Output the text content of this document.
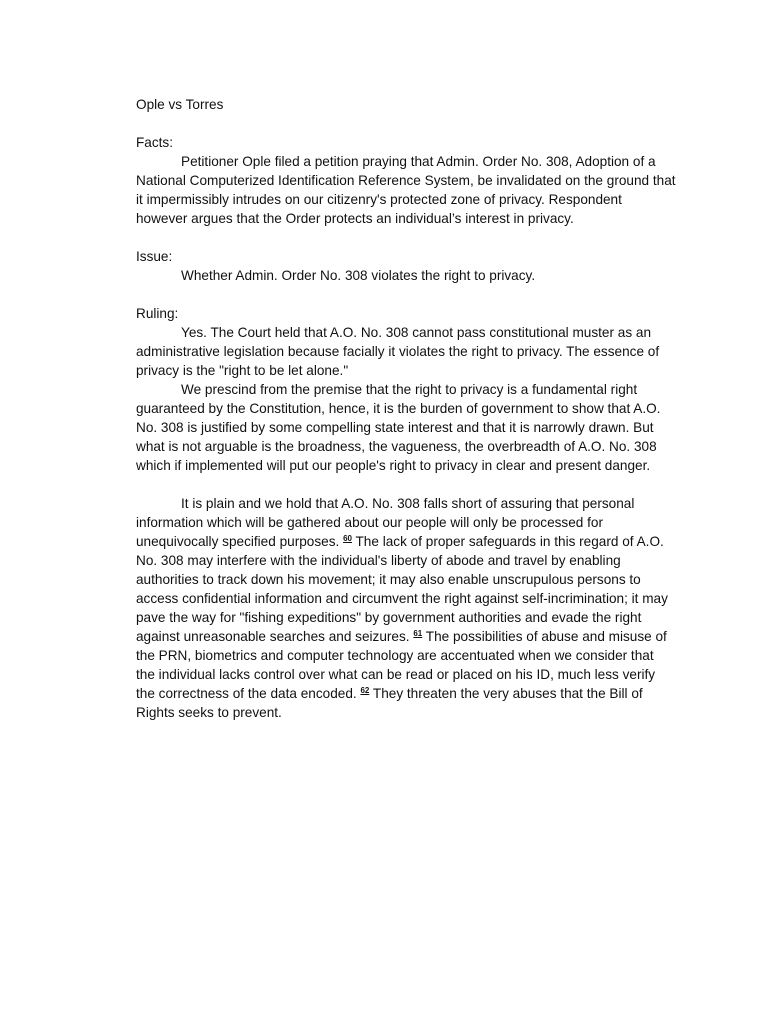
Ople vs Torres
Facts:

Petitioner Ople filed a petition praying that Admin. Order No. 308, Adoption of a National Computerized Identification Reference System, be invalidated on the ground that it impermissibly intrudes on our citizenry's protected zone of privacy. Respondent however argues that the Order protects an individual’s interest in privacy.

Issue:

Whether Admin. Order No. 308 violates the right to privacy.

Ruling:

Yes. The Court held that A.O. No. 308 cannot pass constitutional muster as an administrative legislation because facially it violates the right to privacy. The essence of privacy is the "right to be let alone."

We prescind from the premise that the right to privacy is a fundamental right guaranteed by the Constitution, hence, it is the burden of government to show that A.O. No. 308 is justified by some compelling state interest and that it is narrowly drawn. But what is not arguable is the broadness, the vagueness, the overbreadth of A.O. No. 308 which if implemented will put our people's right to privacy in clear and present danger.

It is plain and we hold that A.O. No. 308 falls short of assuring that personal information which will be gathered about our people will only be processed for unequivocally specified purposes. $^{60}$ The lack of proper safeguards in this regard of A.O. No. 308 may interfere with the individual's liberty of abode and travel by enabling authorities to track down his movement; it may also enable unscrupulous persons to access confidential information and circumvent the right against self-incrimination; it may pave the way for "fishing expeditions" by government authorities and evade the right against unreasonable searches and seizures. $^{61}$ The possibilities of abuse and misuse of the PRN, biometrics and computer technology are accentuated when we consider that the individual lacks control over what can be read or placed on his ID, much less verify the correctness of the data encoded. $^{62}$ They threaten the very abuses that the Bill of Rights seeks to prevent.
